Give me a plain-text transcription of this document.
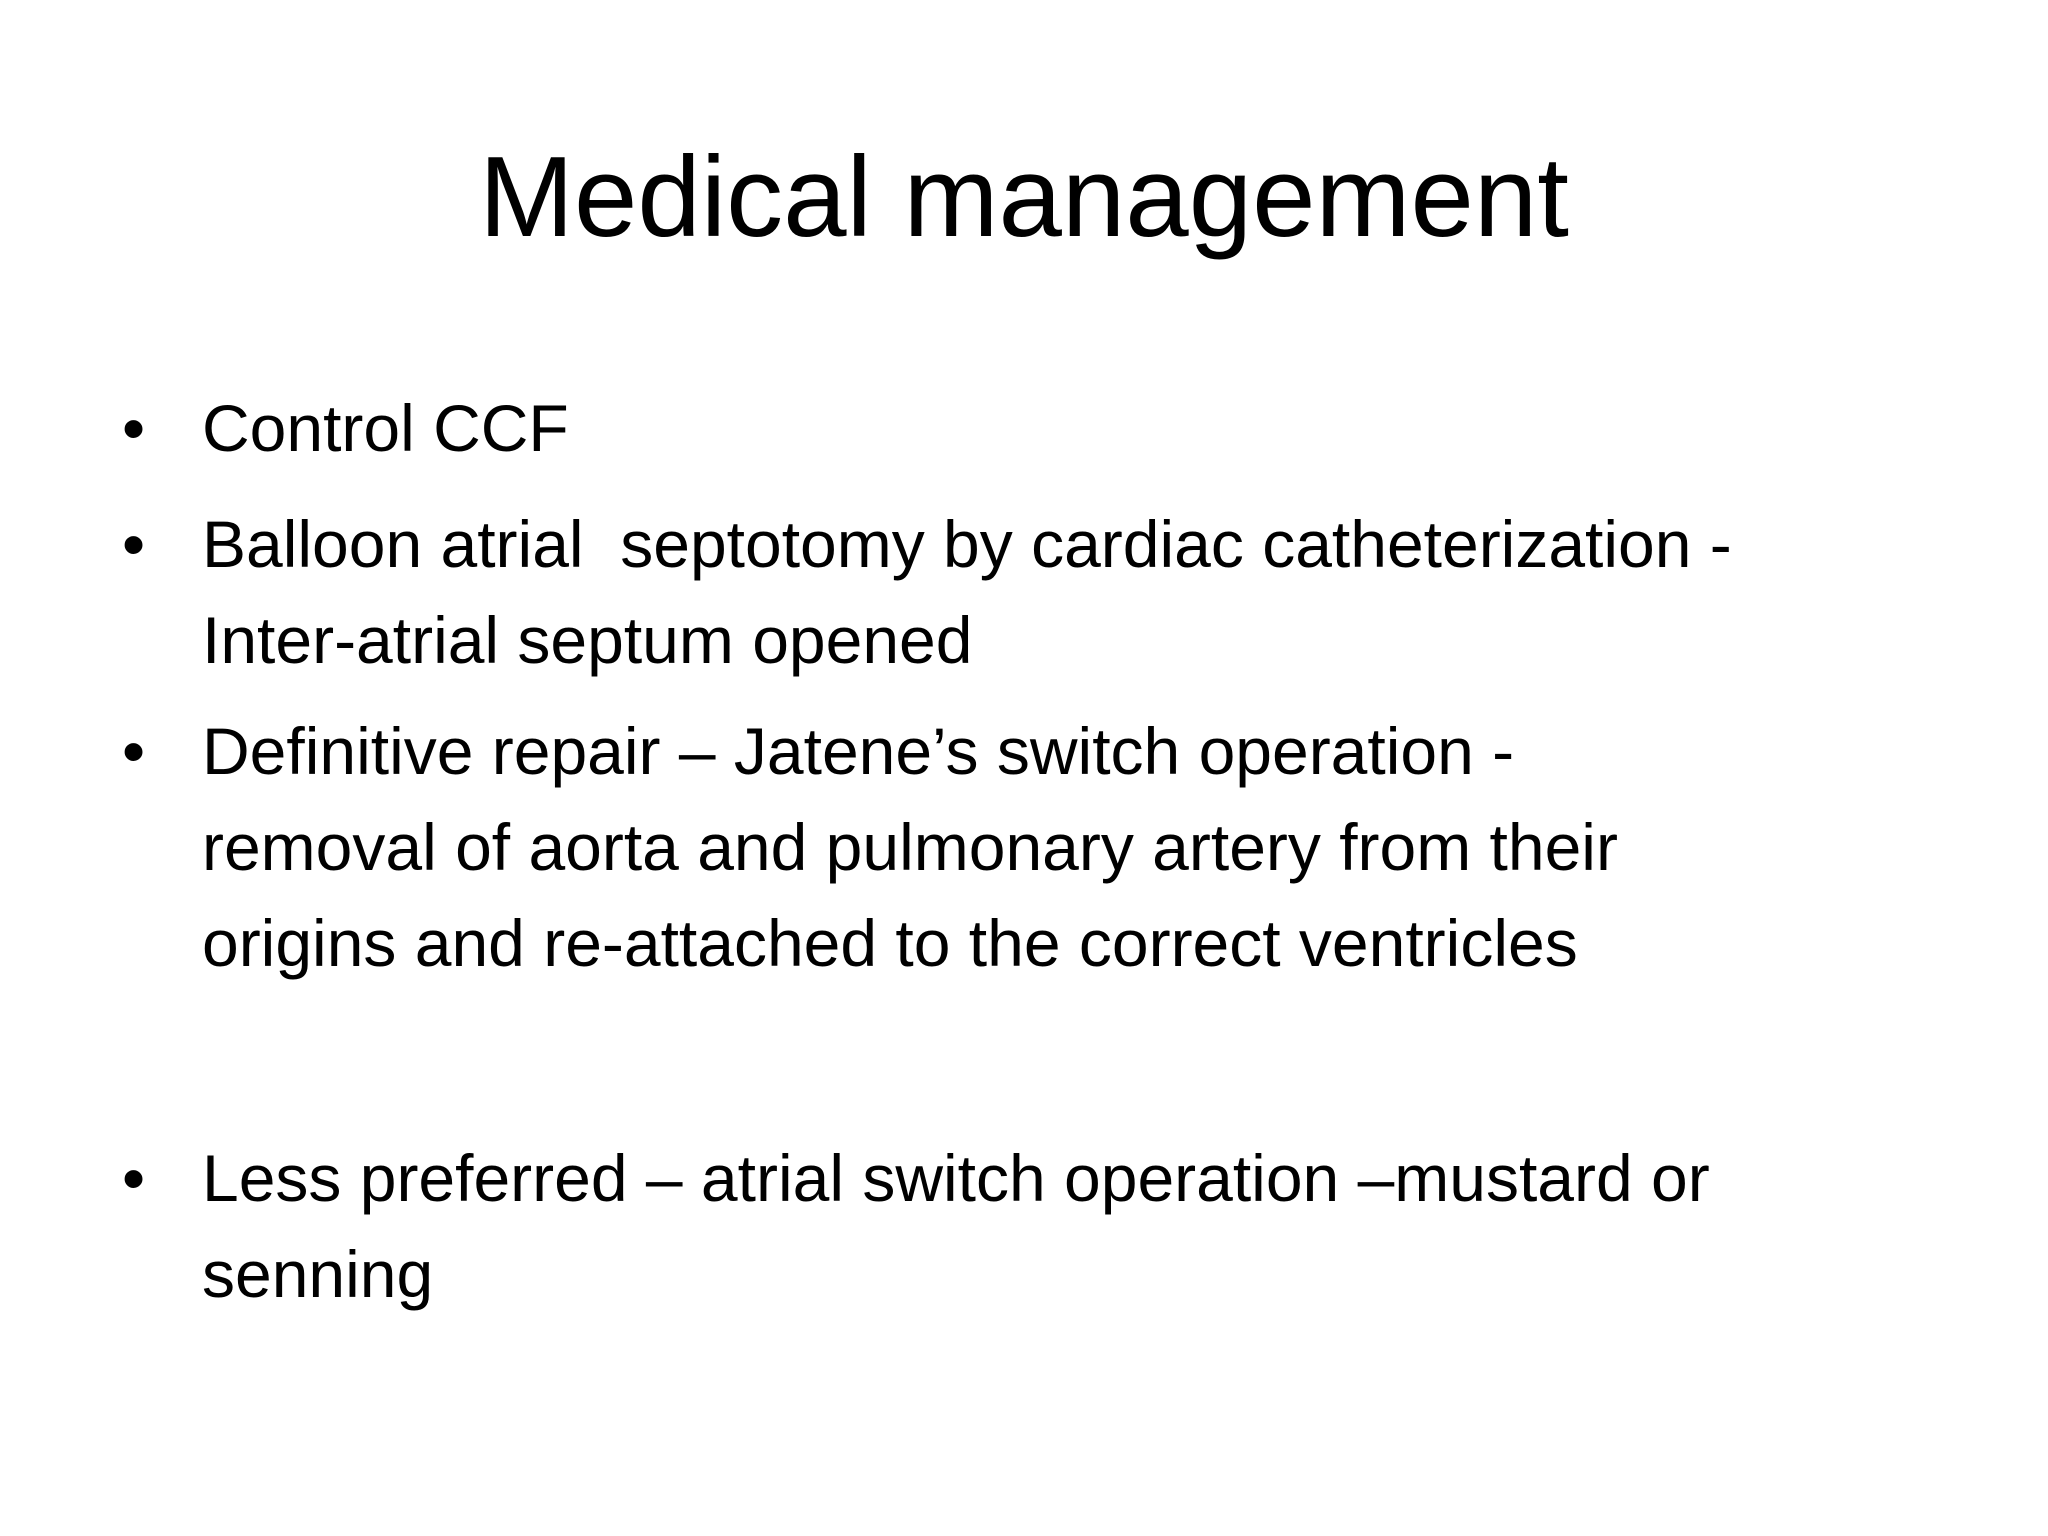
Medical management
• Control CCF
• Balloon atrial  septotomy by cardiac catheterization -
Inter-atrial septum opened
• Definitive repair – Jatene’s switch operation -
removal of aorta and pulmonary artery from their
origins and re-attached to the correct ventricles
• Less preferred – atrial switch operation –mustard or
senning
